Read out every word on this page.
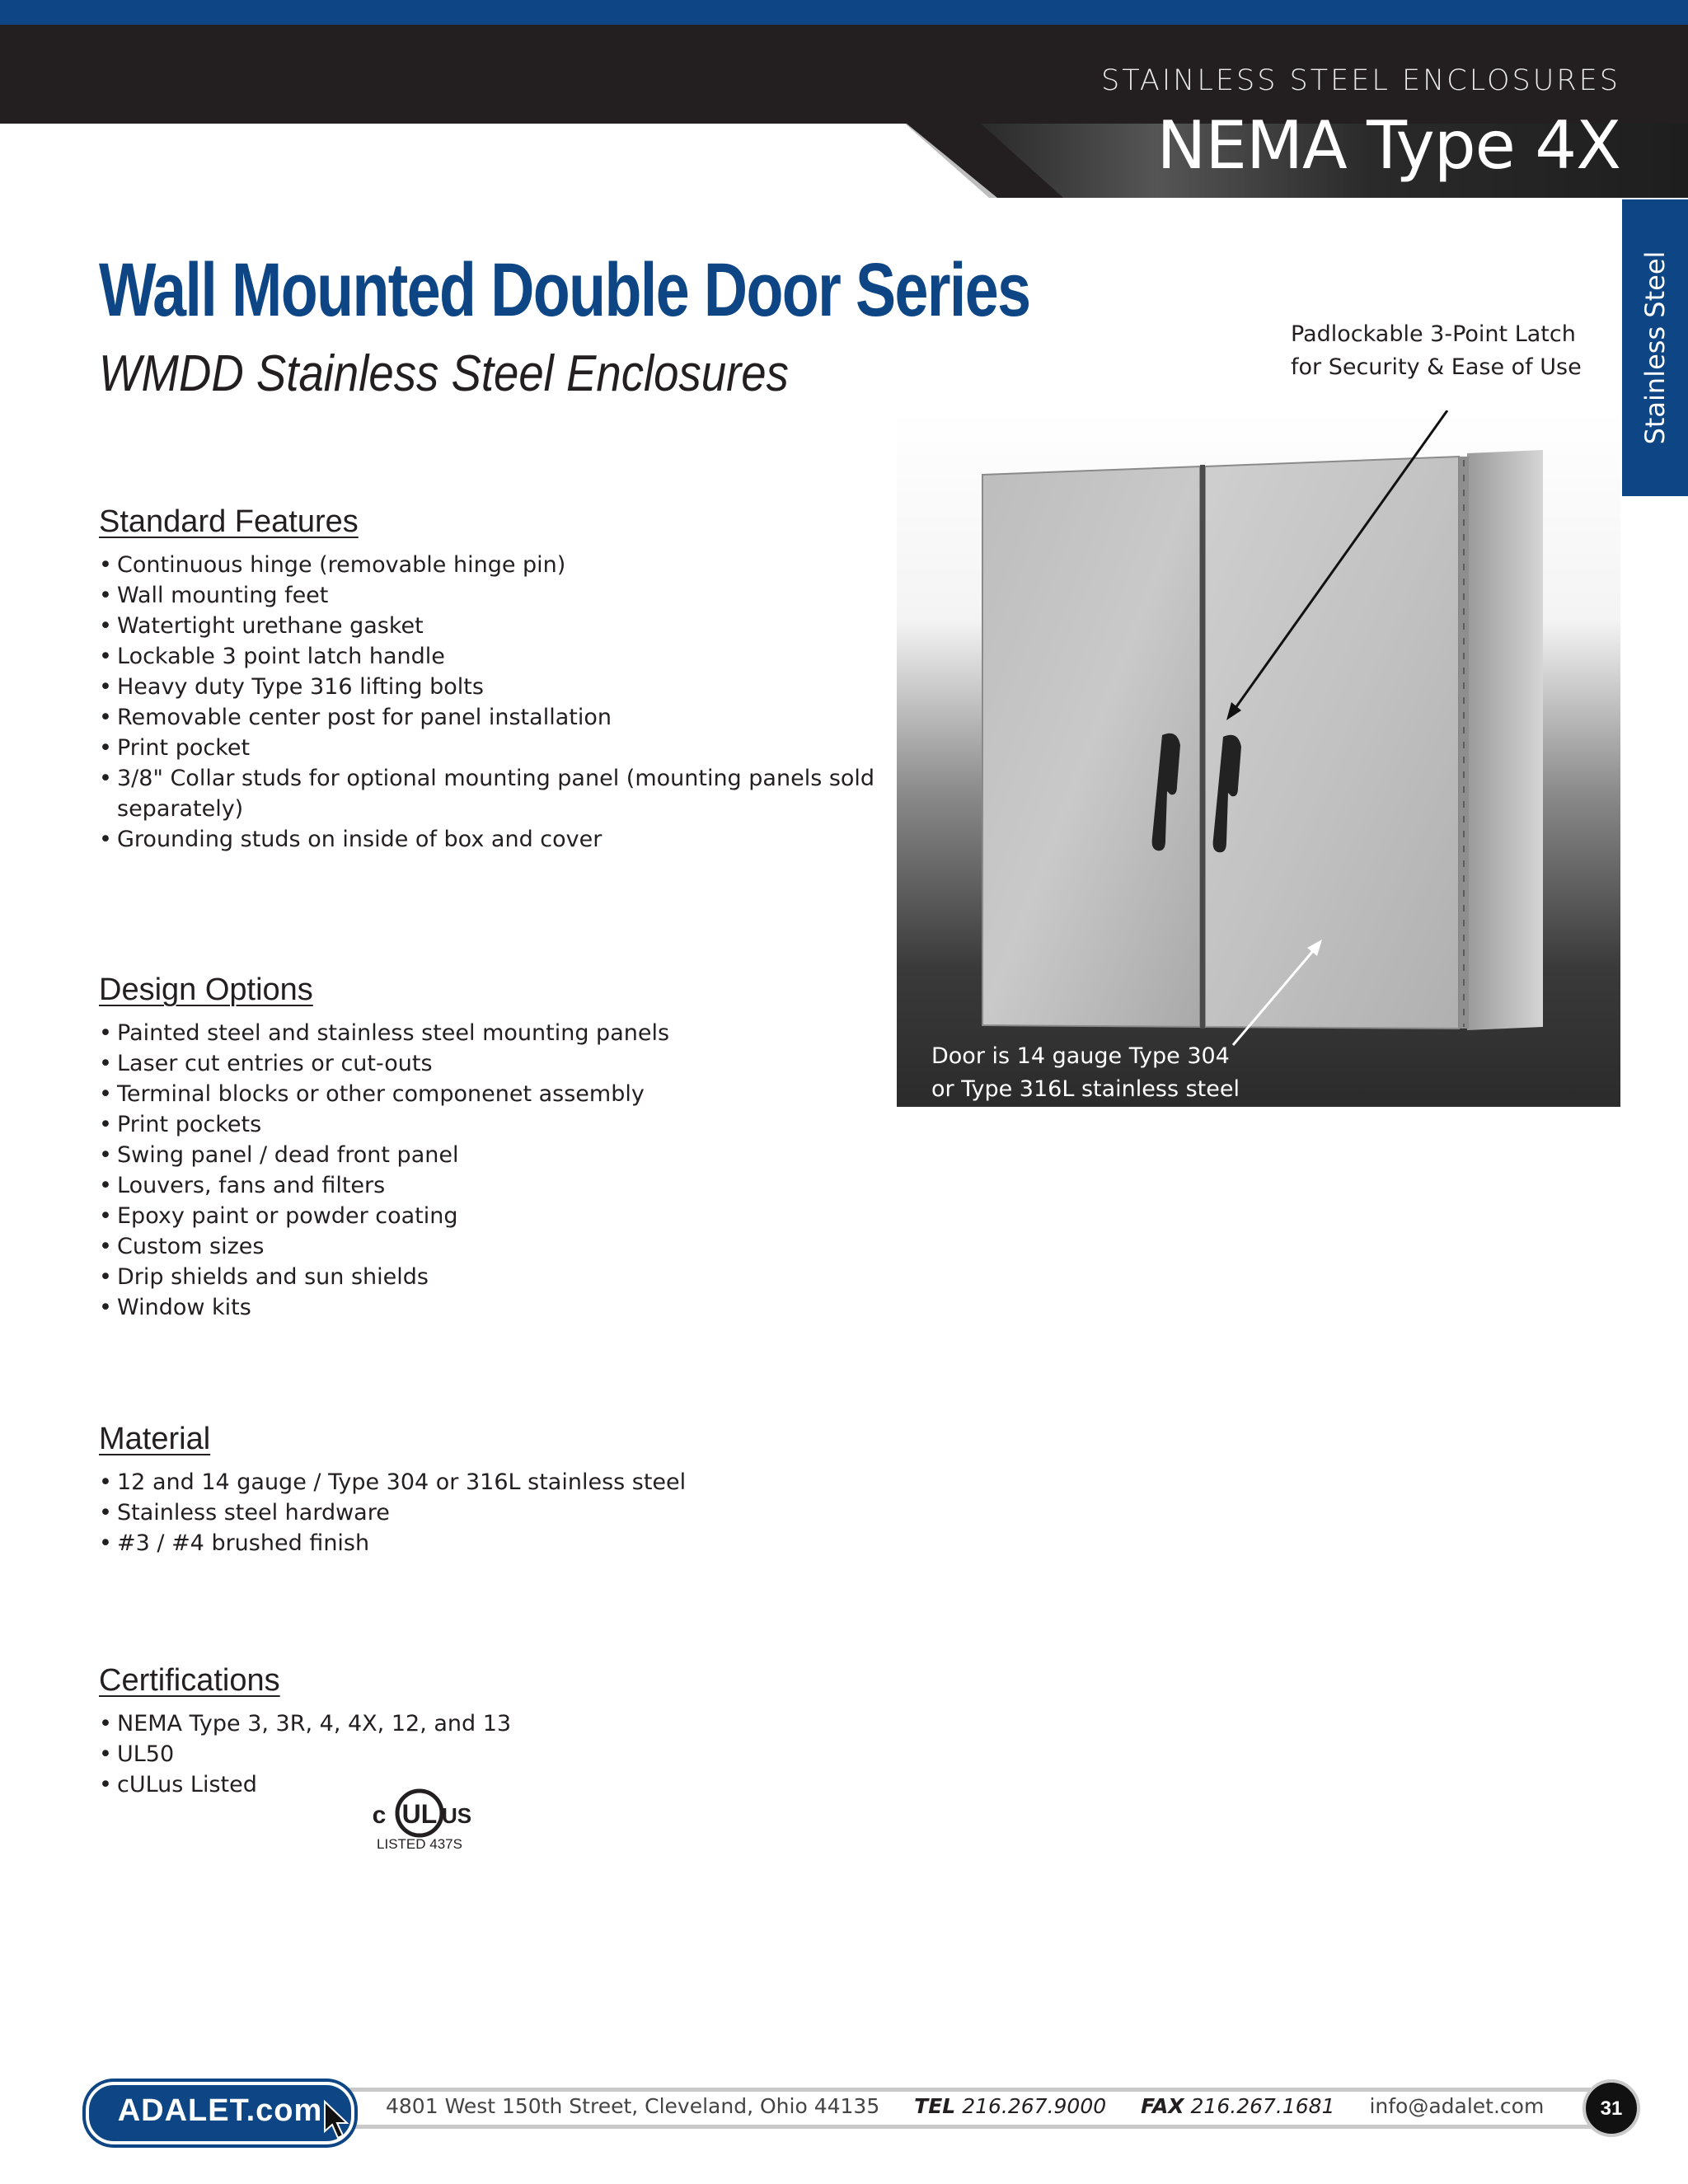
STAINLESS STEEL ENCLOSURES
NEMA Type 4X
Stainless Steel
Wall Mounted Double Door Series
WMDD Stainless Steel Enclosures
Standard Features
• Continuous hinge (removable hinge pin)
• Wall mounting feet
• Watertight urethane gasket
• Lockable 3 point latch handle
• Heavy duty Type 316 lifting bolts
• Removable center post for panel installation
• Print pocket
• 3/8" Collar studs for optional mounting panel (mounting panels sold separately)
• Grounding studs on inside of box and cover
Design Options
• Painted steel and stainless steel mounting panels
• Laser cut entries or cut-outs
• Terminal blocks or other componenet assembly
• Print pockets
• Swing panel / dead front panel
• Louvers, fans and filters
• Epoxy paint or powder coating
• Custom sizes
• Drip shields and sun shields
• Window kits
Material
• 12 and 14 gauge / Type 304 or 316L stainless steel
• Stainless steel hardware
• #3 / #4 brushed finish
Certifications
• NEMA Type 3, 3R, 4, 4X, 12, and 13
• UL50
• cULus Listed
UL
c	US
LISTED 437S
Padlockable 3-Point Latch
for Security & Ease of Use
Door is 14 gauge Type 304
or Type 316L stainless steel
ADALET.com	4801 West 150th Street, Cleveland, Ohio 44135 TEL 216.267.9000 FAX 216.267.1681 info@adalet.com	31
